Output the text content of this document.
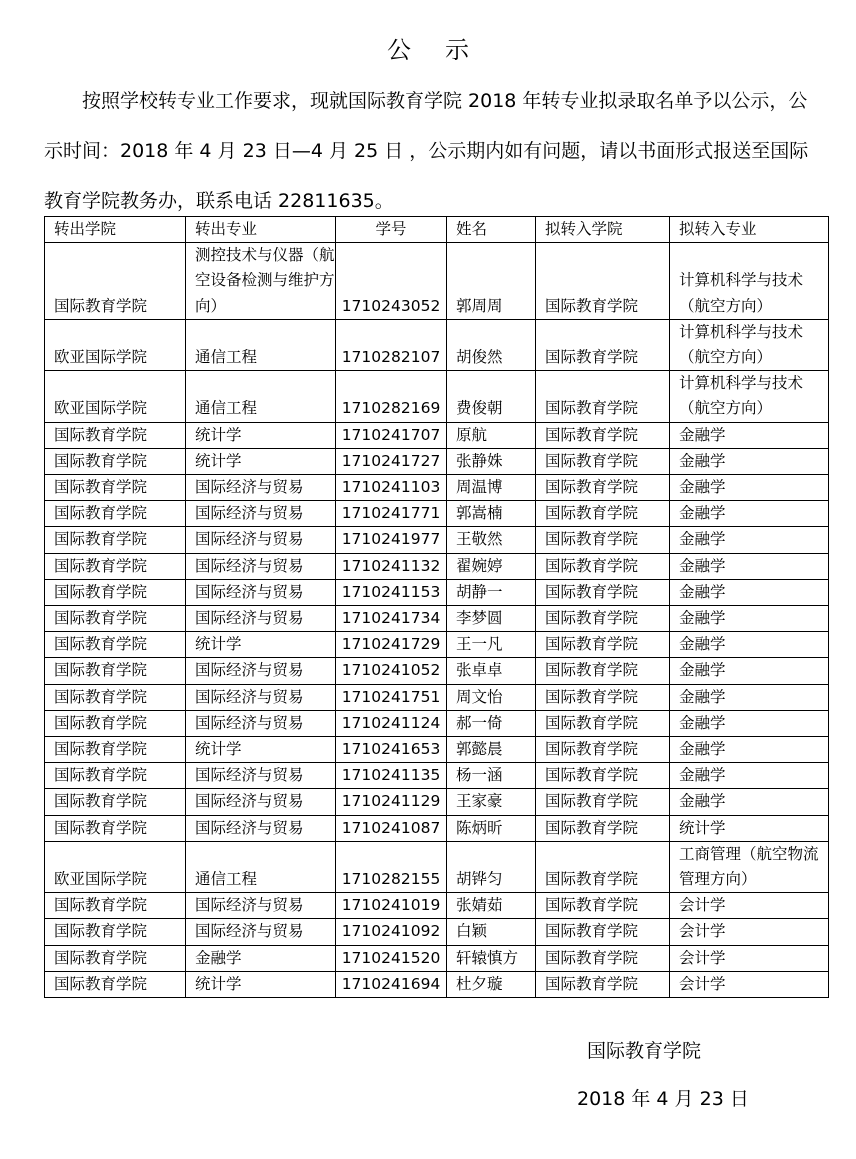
公示

按照学校转专业工作要求，现就国际教育学院 2018 年转专业拟录取名单予以公示，公示时间：2018 年 4 月 23 日—4 月 25 日 ，公示期内如有问题，请以书面形式报送至国际教育学院教务办，联系电话 22811635。

转出学院	转出专业	学号	姓名	拟转入学院	拟转入专业
国际教育学院	测控技术与仪器（航空设备检测与维护方向）	1710243052	郭周周	国际教育学院	计算机科学与技术（航空方向）
欧亚国际学院	通信工程	1710282107	胡俊然	国际教育学院	计算机科学与技术（航空方向）
欧亚国际学院	通信工程	1710282169	费俊朝	国际教育学院	计算机科学与技术（航空方向）
国际教育学院	统计学	1710241707	原航	国际教育学院	金融学
国际教育学院	统计学	1710241727	张静姝	国际教育学院	金融学
国际教育学院	国际经济与贸易	1710241103	周温博	国际教育学院	金融学
国际教育学院	国际经济与贸易	1710241771	郭嵩楠	国际教育学院	金融学
国际教育学院	国际经济与贸易	1710241977	王敬然	国际教育学院	金融学
国际教育学院	国际经济与贸易	1710241132	翟婉婷	国际教育学院	金融学
国际教育学院	国际经济与贸易	1710241153	胡静一	国际教育学院	金融学
国际教育学院	国际经济与贸易	1710241734	李梦圆	国际教育学院	金融学
国际教育学院	统计学	1710241729	王一凡	国际教育学院	金融学
国际教育学院	国际经济与贸易	1710241052	张卓卓	国际教育学院	金融学
国际教育学院	国际经济与贸易	1710241751	周文怡	国际教育学院	金融学
国际教育学院	国际经济与贸易	1710241124	郝一倚	国际教育学院	金融学
国际教育学院	统计学	1710241653	郭懿晨	国际教育学院	金融学
国际教育学院	国际经济与贸易	1710241135	杨一涵	国际教育学院	金融学
国际教育学院	国际经济与贸易	1710241129	王家豪	国际教育学院	金融学
国际教育学院	国际经济与贸易	1710241087	陈炳昕	国际教育学院	统计学
欧亚国际学院	通信工程	1710282155	胡铧匀	国际教育学院	工商管理（航空物流管理方向）
国际教育学院	国际经济与贸易	1710241019	张婧茹	国际教育学院	会计学
国际教育学院	国际经济与贸易	1710241092	白颖	国际教育学院	会计学
国际教育学院	金融学	1710241520	轩辕慎方	国际教育学院	会计学
国际教育学院	统计学	1710241694	杜夕璇	国际教育学院	会计学
国际教育学院
2018 年 4 月 23 日
